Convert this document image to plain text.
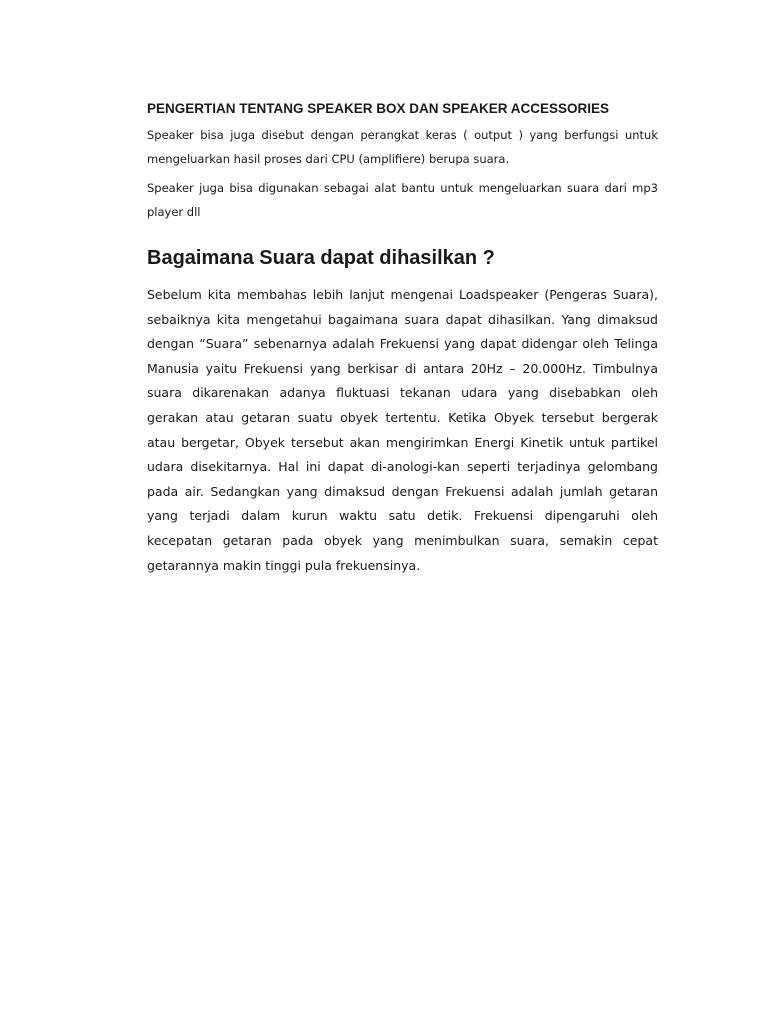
PENGERTIAN TENTANG SPEAKER BOX DAN SPEAKER ACCESSORIES

Speaker bisa juga disebut dengan perangkat keras ( output ) yang berfungsi untuk mengeluarkan hasil proses dari CPU (amplifiere) berupa suara.

Speaker juga bisa digunakan sebagai alat bantu untuk mengeluarkan suara dari mp3 player dll

Bagaimana Suara dapat dihasilkan ?

Sebelum kita membahas lebih lanjut mengenai Loadspeaker (Pengeras Suara), sebaiknya kita mengetahui bagaimana suara dapat dihasilkan. Yang dimaksud dengan “Suara” sebenarnya adalah Frekuensi yang dapat didengar oleh Telinga Manusia yaitu Frekuensi yang berkisar di antara 20Hz – 20.000Hz. Timbulnya suara dikarenakan adanya fluktuasi tekanan udara yang disebabkan oleh gerakan atau getaran suatu obyek tertentu. Ketika Obyek tersebut bergerak atau bergetar, Obyek tersebut akan mengirimkan Energi Kinetik untuk partikel udara disekitarnya. Hal ini dapat di-anologi-kan seperti terjadinya gelombang pada air. Sedangkan yang dimaksud dengan Frekuensi adalah jumlah getaran yang terjadi dalam kurun waktu satu detik. Frekuensi dipengaruhi oleh kecepatan getaran pada obyek yang menimbulkan suara, semakin cepat getarannya makin tinggi pula frekuensinya.
